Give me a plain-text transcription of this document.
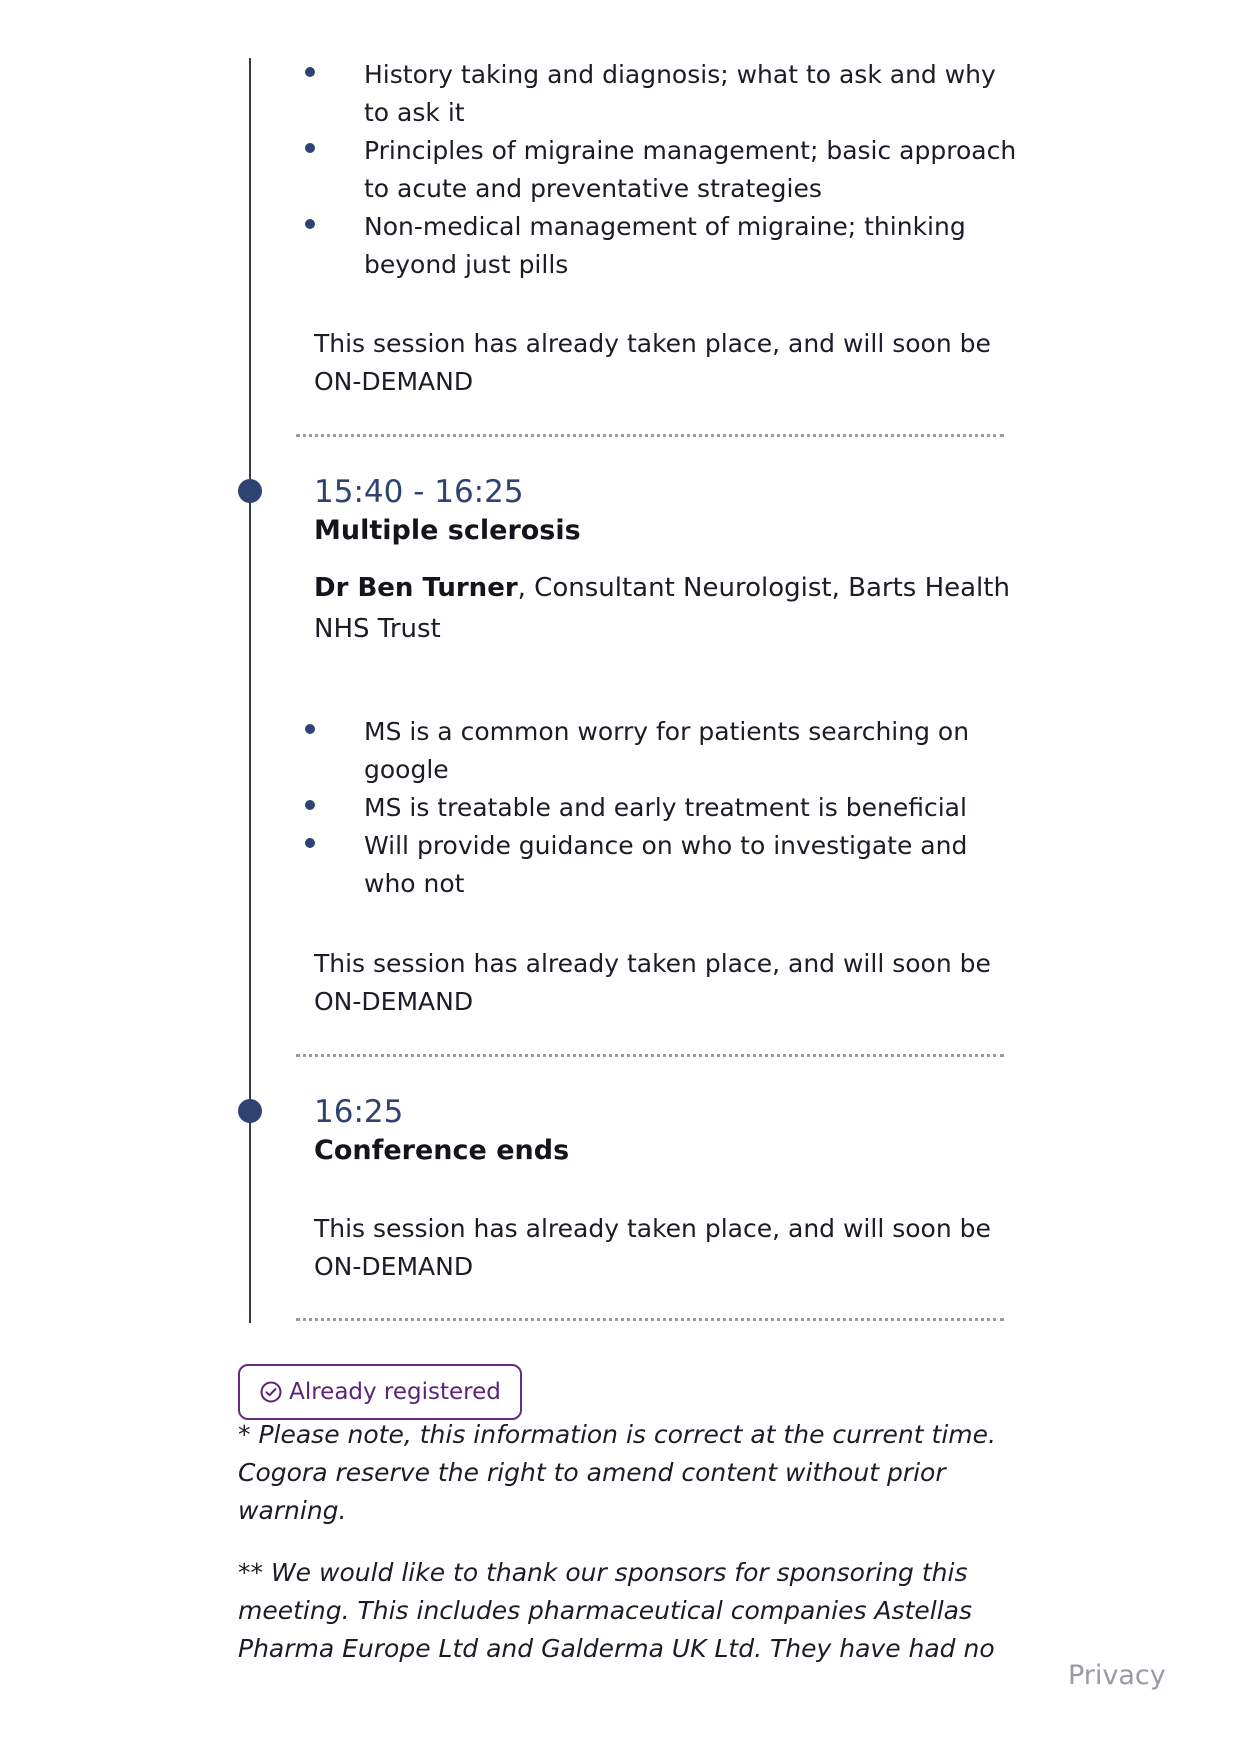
History taking and diagnosis; what to ask and why to ask it
Principles of migraine management; basic approach to acute and preventative strategies
Non-medical management of migraine; thinking beyond just pills
This session has already taken place, and will soon be ON-DEMAND
15:40 - 16:25
Multiple sclerosis
Dr Ben Turner, Consultant Neurologist, Barts Health NHS Trust
MS is a common worry for patients searching on google
MS is treatable and early treatment is beneficial
Will provide guidance on who to investigate and who not
This session has already taken place, and will soon be ON-DEMAND
16:25
Conference ends
This session has already taken place, and will soon be ON-DEMAND
Already registered
* Please note, this information is correct at the current time. Cogora reserve the right to amend content without prior warning.
** We would like to thank our sponsors for sponsoring this meeting. This includes pharmaceutical companies Astellas Pharma Europe Ltd and Galderma UK Ltd. They have had no
Privacy
